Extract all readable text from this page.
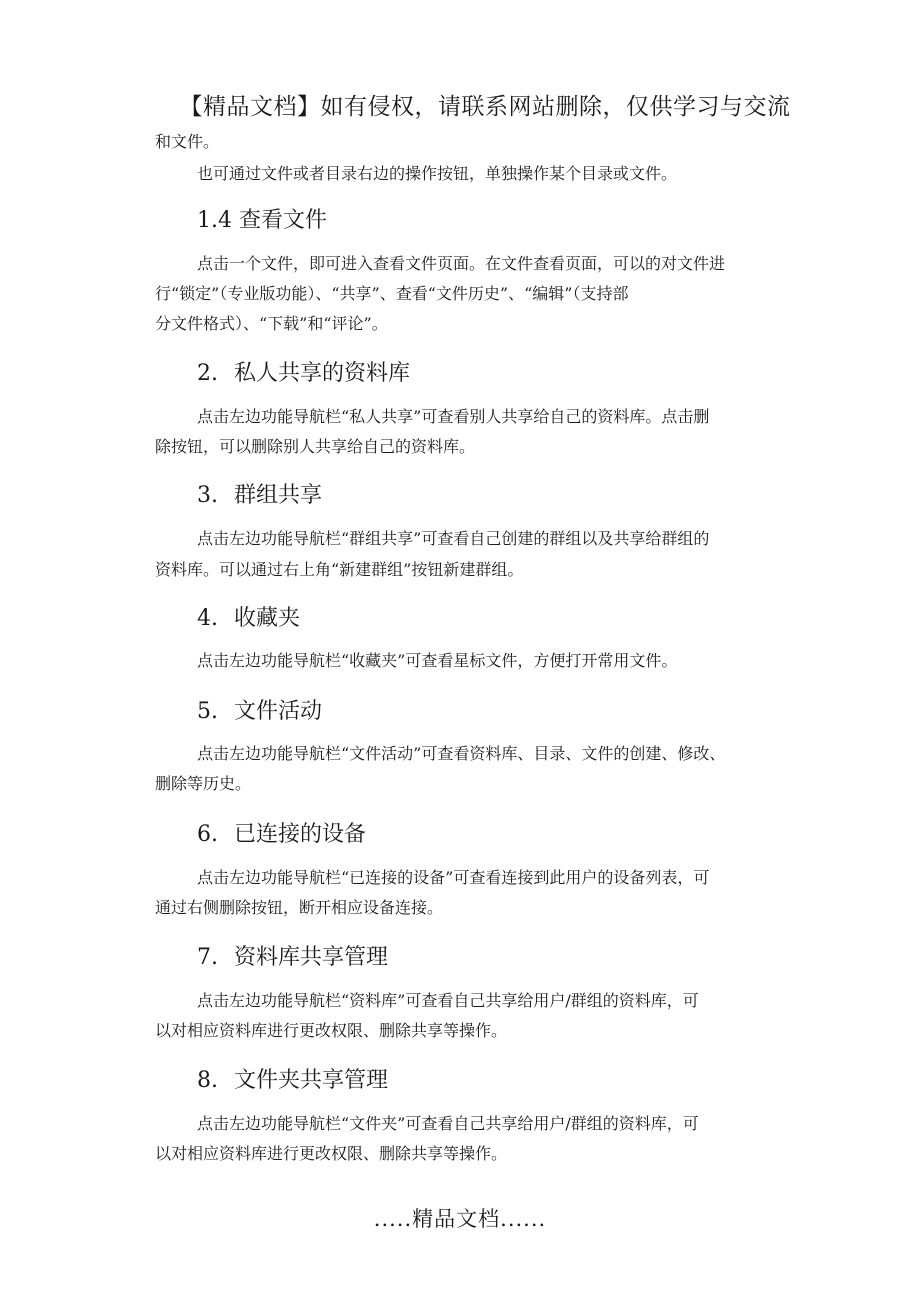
【精品文档】如有侵权，请联系网站删除，仅供学习与交流
和文件。
也可通过文件或者目录右边的操作按钮，单独操作某个目录或文件。
1.4 查看文件
点击一个文件，即可进入查看文件页面。在文件查看页面，可以的对文件进
行“锁定”（专业版功能）、“共享”、查看“文件历史”、“编辑”（支持部
分文件格式）、“下载”和“评论”。
2. 私人共享的资料库
点击左边功能导航栏“私人共享”可查看别人共享给自己的资料库。点击删
除按钮，可以删除别人共享给自己的资料库。
3. 群组共享
点击左边功能导航栏“群组共享”可查看自己创建的群组以及共享给群组的
资料库。可以通过右上角“新建群组”按钮新建群组。
4. 收藏夹
点击左边功能导航栏“收藏夹”可查看星标文件，方便打开常用文件。
5. 文件活动
点击左边功能导航栏“文件活动”可查看资料库、目录、文件的创建、修改、
删除等历史。
6. 已连接的设备
点击左边功能导航栏“已连接的设备”可查看连接到此用户的设备列表，可
通过右侧删除按钮，断开相应设备连接。
7. 资料库共享管理
点击左边功能导航栏“资料库”可查看自己共享给用户/群组的资料库，可
以对相应资料库进行更改权限、删除共享等操作。
8. 文件夹共享管理
点击左边功能导航栏“文件夹”可查看自己共享给用户/群组的资料库，可
以对相应资料库进行更改权限、删除共享等操作。
.....精品文档......
